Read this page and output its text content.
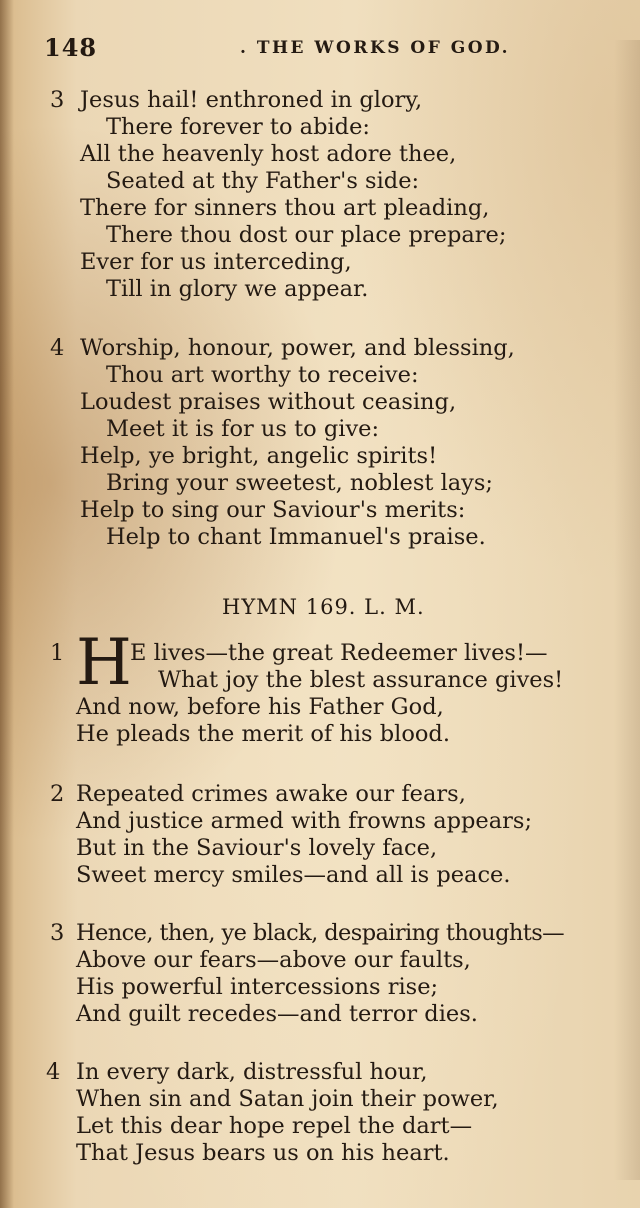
148	. THE WORKS OF GOD.
3 Jesus hail! enthroned in glory,
There forever to abide:
All the heavenly host adore thee,
Seated at thy Father's side:
There for sinners thou art pleading,
There thou dost our place prepare;
Ever for us interceding,
Till in glory we appear.
4 Worship, honour, power, and blessing,
Thou art worthy to receive:
Loudest praises without ceasing,
Meet it is for us to give:
Help, ye bright, angelic spirits!
Bring your sweetest, noblest lays;
Help to sing our Saviour's merits:
Help to chant Immanuel's praise.
HYMN 169. L. M.
1 H
E lives—the great Redeemer lives!—
What joy the blest assurance gives!
And now, before his Father God,
He pleads the merit of his blood.
2 Repeated crimes awake our fears,
And justice armed with frowns appears;
But in the Saviour's lovely face,
Sweet mercy smiles—and all is peace.
3 Hence, then, ye black, despairing thoughts—
Above our fears—above our faults,
His powerful intercessions rise;
And guilt recedes—and terror dies.
4 In every dark, distressful hour,
When sin and Satan join their power,
Let this dear hope repel the dart—
That Jesus bears us on his heart.
